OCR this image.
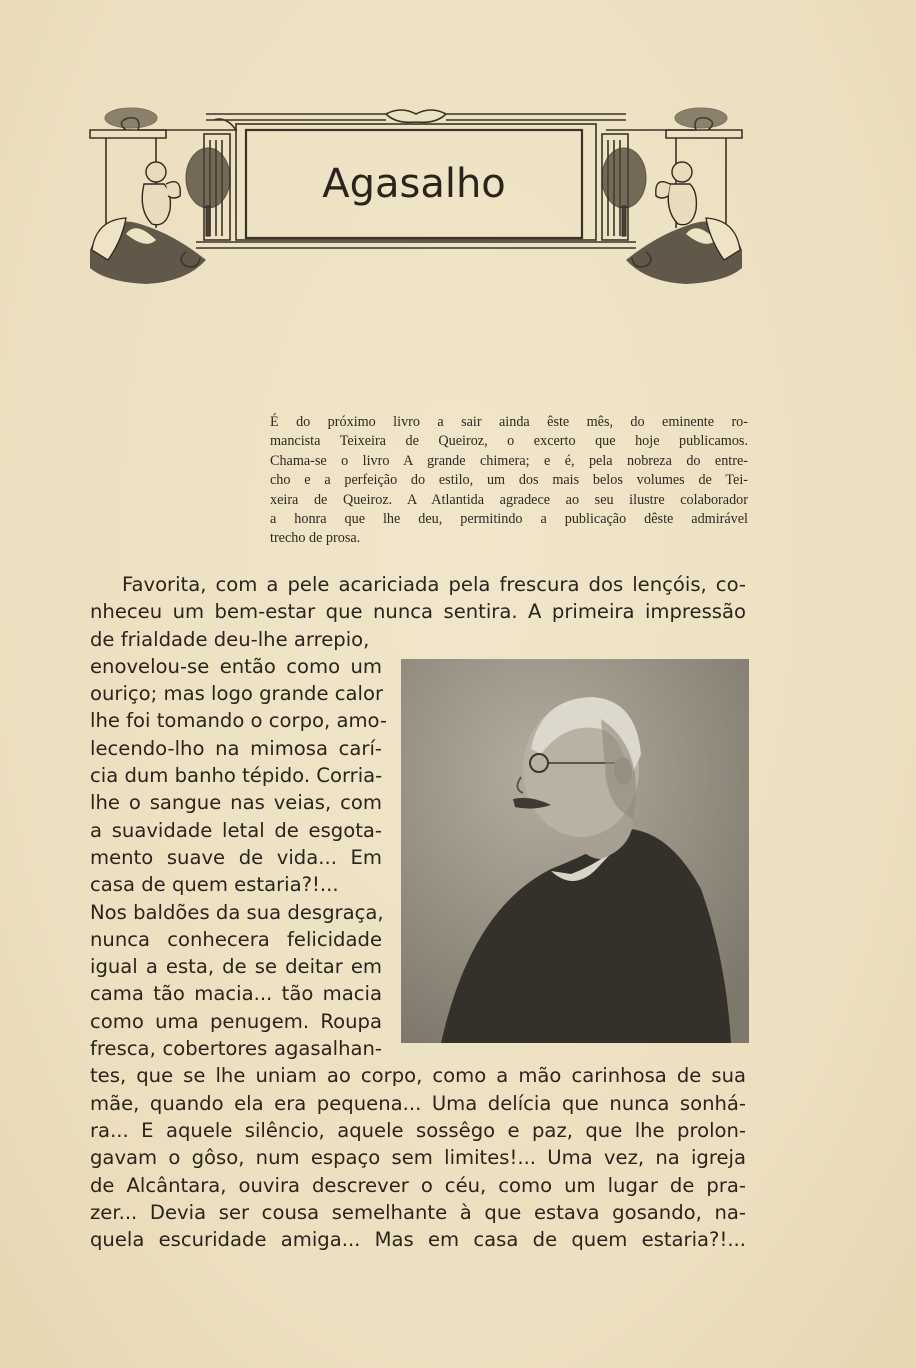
Agasalho
É do próximo livro a sair ainda êste mês, do eminente ro-
mancista Teixeira de Queiroz, o excerto que hoje publicamos.
Chama-se o livro A grande chimera; e é, pela nobreza do entre-
cho e a perfeição do estilo, um dos mais belos volumes de Tei-
xeira de Queiroz. A Atlantida agradece ao seu ilustre colaborador
a honra que lhe deu, permitindo a publicação dêste admirável
trecho de prosa.
Favorita, com a pele acariciada pela frescura dos lençóis, co-
nheceu um bem-estar que nunca sentira. A primeira impressão
de frialdade deu-lhe arrepio,
enovelou-se então como um
ouriço; mas logo grande calor
lhe foi tomando o corpo, amo-
lecendo-lho na mimosa carí-
cia dum banho tépido. Corria-
lhe o sangue nas veias, com
a suavidade letal de esgota-
mento suave de vida... Em
casa de quem estaria?!...
Nos baldões da sua desgraça,
nunca conhecera felicidade
igual a esta, de se deitar em
cama tão macia... tão macia
como uma penugem. Roupa
fresca, cobertores agasalhan-
tes, que se lhe uniam ao corpo, como a mão carinhosa de sua
mãe, quando ela era pequena... Uma delícia que nunca sonhá-
ra... E aquele silêncio, aquele sossêgo e paz, que lhe prolon-
gavam o gôso, num espaço sem limites!... Uma vez, na igreja
de Alcântara, ouvira descrever o céu, como um lugar de pra-
zer... Devia ser cousa semelhante à que estava gosando, na-
quela escuridade amiga... Mas em casa de quem estaria?!...
